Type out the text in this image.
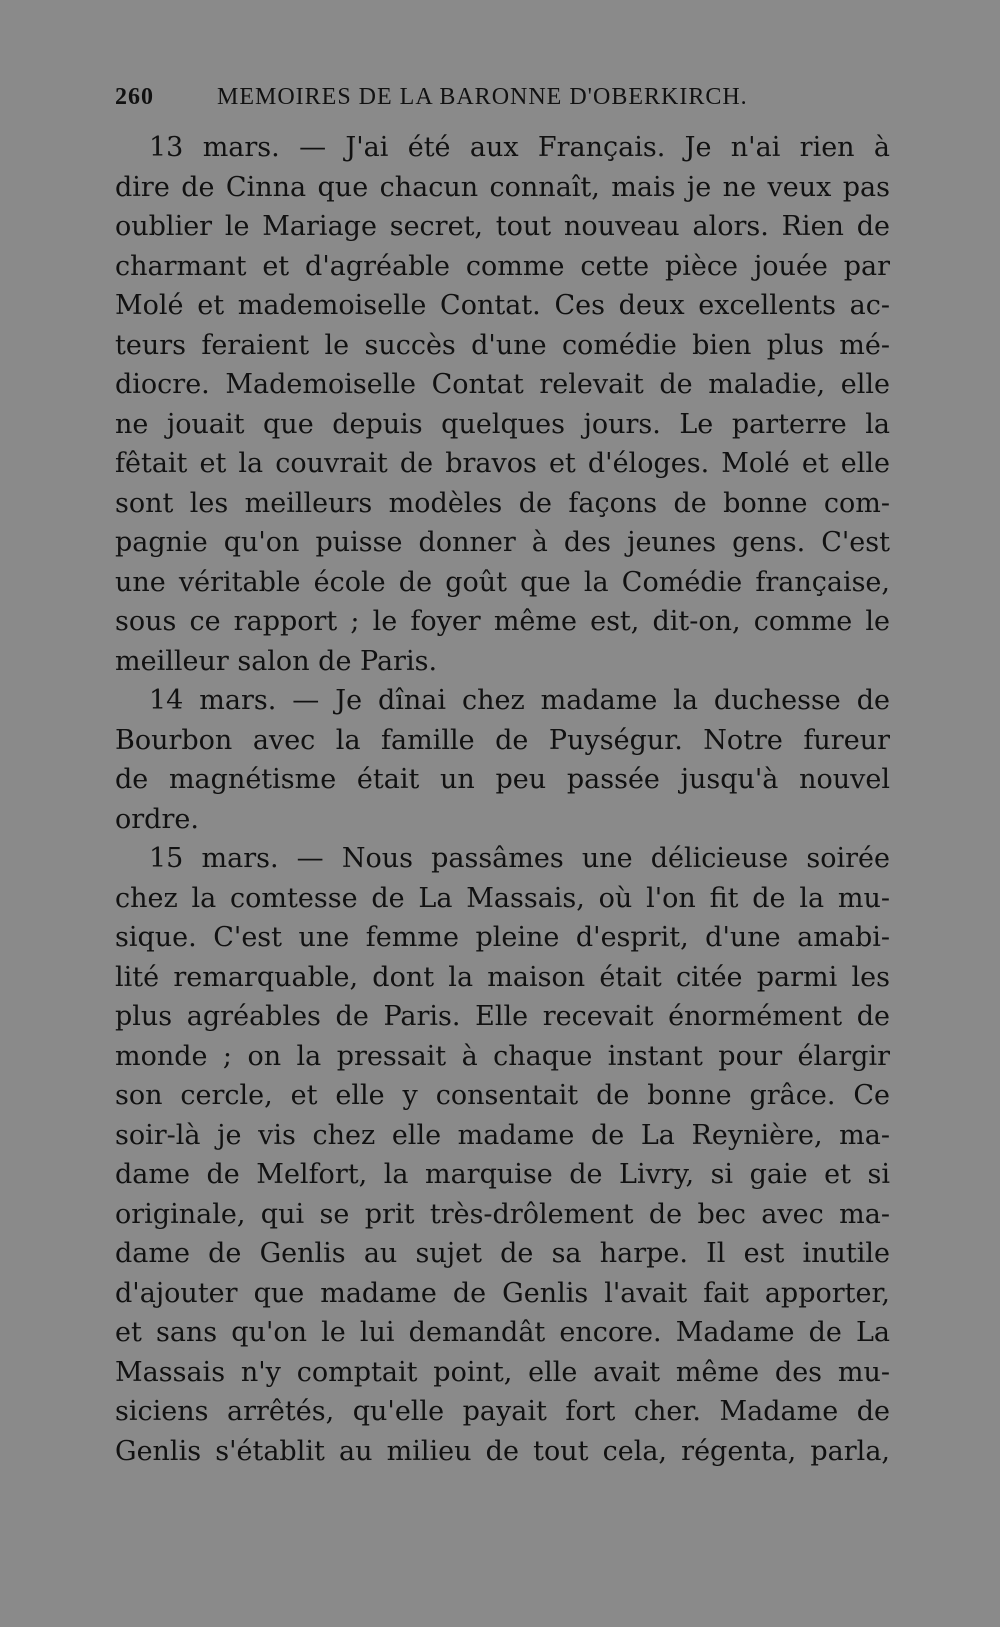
260	MEMOIRES DE LA BARONNE D'OBERKIRCH.
13 mars. — J'ai été aux Français. Je n'ai rien à
dire de Cinna que chacun connaît, mais je ne veux pas
oublier le Mariage secret, tout nouveau alors. Rien de
charmant et d'agréable comme cette pièce jouée par
Molé et mademoiselle Contat. Ces deux excellents ac-
teurs feraient le succès d'une comédie bien plus mé-
diocre. Mademoiselle Contat relevait de maladie, elle
ne jouait que depuis quelques jours. Le parterre la
fêtait et la couvrait de bravos et d'éloges. Molé et elle
sont les meilleurs modèles de façons de bonne com-
pagnie qu'on puisse donner à des jeunes gens. C'est
une véritable école de goût que la Comédie française,
sous ce rapport ; le foyer même est, dit-on, comme le
meilleur salon de Paris.
14 mars. — Je dînai chez madame la duchesse de
Bourbon avec la famille de Puységur. Notre fureur
de magnétisme était un peu passée jusqu'à nouvel
ordre.
15 mars. — Nous passâmes une délicieuse soirée
chez la comtesse de La Massais, où l'on fit de la mu-
sique. C'est une femme pleine d'esprit, d'une amabi-
lité remarquable, dont la maison était citée parmi les
plus agréables de Paris. Elle recevait énormément de
monde ; on la pressait à chaque instant pour élargir
son cercle, et elle y consentait de bonne grâce. Ce
soir-là je vis chez elle madame de La Reynière, ma-
dame de Melfort, la marquise de Livry, si gaie et si
originale, qui se prit très-drôlement de bec avec ma-
dame de Genlis au sujet de sa harpe. Il est inutile
d'ajouter que madame de Genlis l'avait fait apporter,
et sans qu'on le lui demandât encore. Madame de La
Massais n'y comptait point, elle avait même des mu-
siciens arrêtés, qu'elle payait fort cher. Madame de
Genlis s'établit au milieu de tout cela, régenta, parla,
